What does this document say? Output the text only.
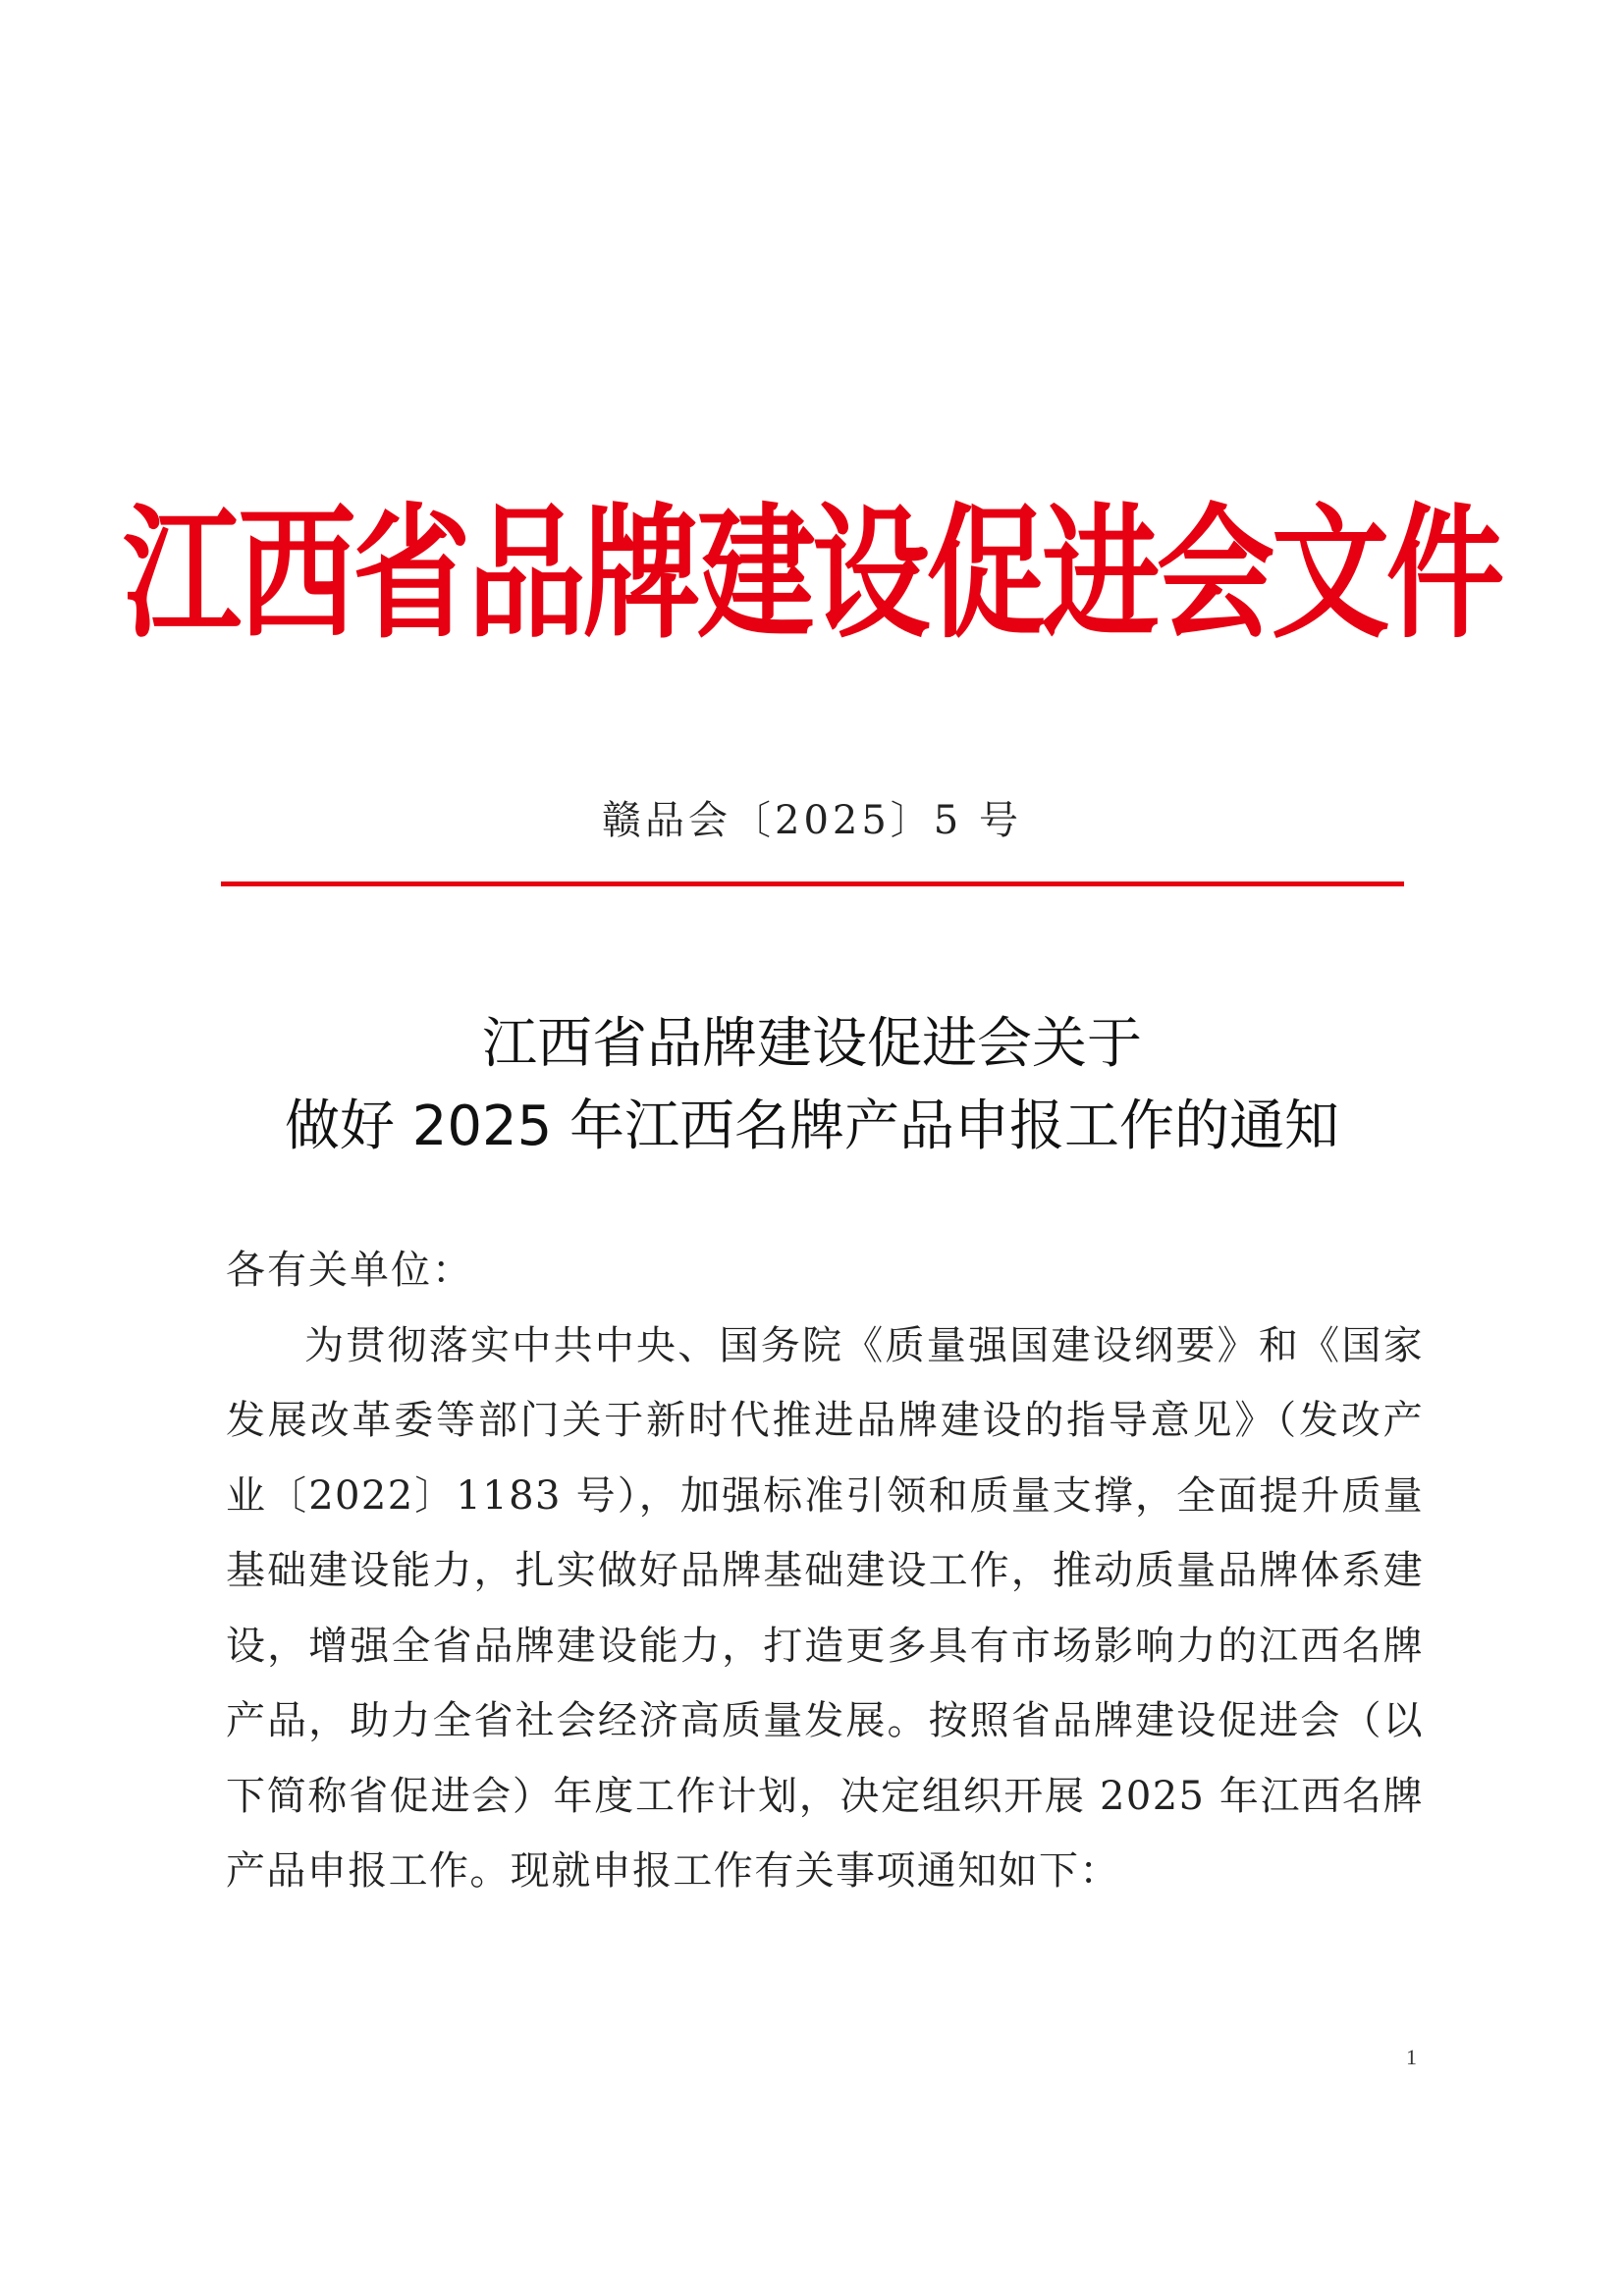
江西省品牌建设促进会文件
赣品会〔2025〕5 号
江西省品牌建设促进会关于
做好 2025 年江西名牌产品申报工作的通知
各有关单位：
为贯彻落实中共中央、国务院《质量强国建设纲要》和《国家发展改革委等部门关于新时代推进品牌建设的指导意见》（发改产业〔2022〕1183 号），加强标准引领和质量支撑，全面提升质量基础建设能力，扎实做好品牌基础建设工作，推动质量品牌体系建设，增强全省品牌建设能力，打造更多具有市场影响力的江西名牌产品，助力全省社会经济高质量发展。按照省品牌建设促进会（以下简称省促进会）年度工作计划，决定组织开展 2025 年江西名牌产品申报工作。现就申报工作有关事项通知如下：
1
